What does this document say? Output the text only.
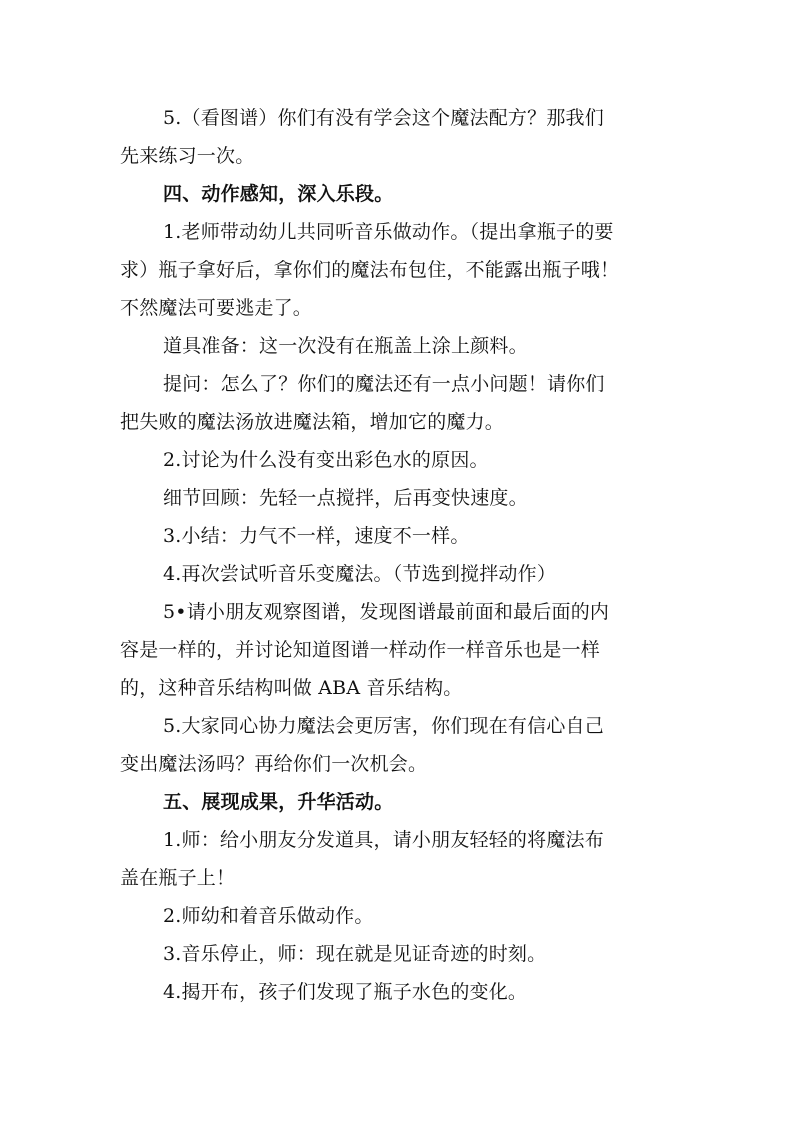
5.（看图谱）你们有没有学会这个魔法配方？那我们
先来练习一次。
四、动作感知，深入乐段。
1.老师带动幼儿共同听音乐做动作。（提出拿瓶子的要
求）瓶子拿好后，拿你们的魔法布包住，不能露出瓶子哦！
不然魔法可要逃走了。
道具准备：这一次没有在瓶盖上涂上颜料。
提问：怎么了？你们的魔法还有一点小问题！请你们
把失败的魔法汤放进魔法箱，增加它的魔力。
2.讨论为什么没有变出彩色水的原因。
细节回顾：先轻一点搅拌，后再变快速度。
3.小结：力气不一样，速度不一样。
4.再次尝试听音乐变魔法。（节选到搅拌动作）
5•请小朋友观察图谱，发现图谱最前面和最后面的内
容是一样的，并讨论知道图谱一样动作一样音乐也是一样
的，这种音乐结构叫做 ABA 音乐结构。
5.大家同心协力魔法会更厉害，你们现在有信心自己
变出魔法汤吗？再给你们一次机会。
五、展现成果，升华活动。
1.师：给小朋友分发道具，请小朋友轻轻的将魔法布
盖在瓶子上！
2.师幼和着音乐做动作。
3.音乐停止，师：现在就是见证奇迹的时刻。
4.揭开布，孩子们发现了瓶子水色的变化。
